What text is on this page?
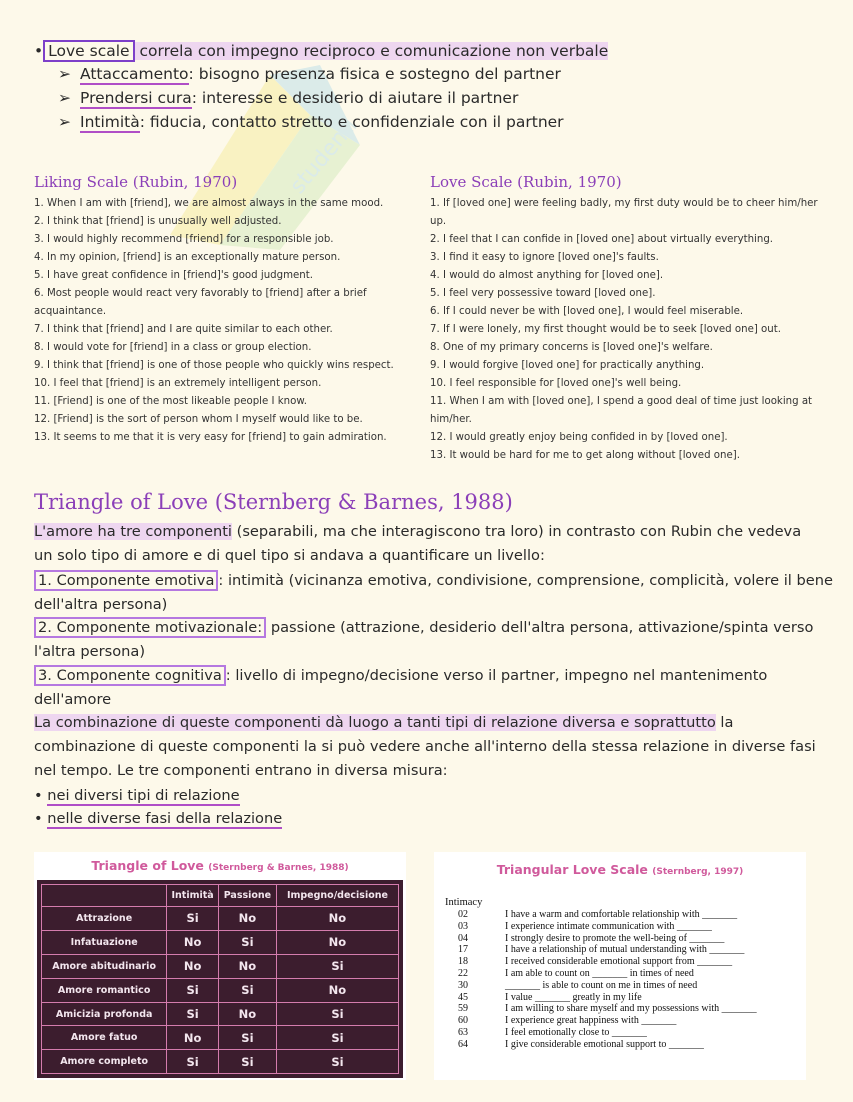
studenti
• Love scale correla con impegno reciproco e comunicazione non verbale
➢ Attaccamento: bisogno presenza fisica e sostegno del partner
➢ Prendersi cura: interesse e desiderio di aiutare il partner
➢ Intimità: fiducia, contatto stretto e confidenziale con il partner
Liking Scale (Rubin, 1970)
1. When I am with [friend], we are almost always in the same mood.
2. I think that [friend] is unusually well adjusted.
3. I would highly recommend [friend] for a responsible job.
4. In my opinion, [friend] is an exceptionally mature person.
5. I have great confidence in [friend]'s good judgment.
6. Most people would react very favorably to [friend] after a brief acquaintance.
7. I think that [friend] and I are quite similar to each other.
8. I would vote for [friend] in a class or group election.
9. I think that [friend] is one of those people who quickly wins respect.
10. I feel that [friend] is an extremely intelligent person.
11. [Friend] is one of the most likeable people I know.
12. [Friend] is the sort of person whom I myself would like to be.
13. It seems to me that it is very easy for [friend] to gain admiration.
Love Scale (Rubin, 1970)
1. If [loved one] were feeling badly, my first duty would be to cheer him/her up.
2. I feel that I can confide in [loved one] about virtually everything.
3. I find it easy to ignore [loved one]'s faults.
4. I would do almost anything for [loved one].
5. I feel very possessive toward [loved one].
6. If I could never be with [loved one], I would feel miserable.
7. If I were lonely, my first thought would be to seek [loved one] out.
8. One of my primary concerns is [loved one]'s welfare.
9. I would forgive [loved one] for practically anything.
10. I feel responsible for [loved one]'s well being.
11. When I am with [loved one], I spend a good deal of time just looking at him/her.
12. I would greatly enjoy being confided in by [loved one].
13. It would be hard for me to get along without [loved one].
Triangle of Love (Sternberg & Barnes, 1988)
L'amore ha tre componenti (separabili, ma che interagiscono tra loro) in contrasto con Rubin che vedeva
un solo tipo di amore e di quel tipo si andava a quantificare un livello:
1. Componente emotiva : intimità (vicinanza emotiva, condivisione, comprensione, complicità, volere il bene
dell'altra persona)
2. Componente motivazionale: passione (attrazione, desiderio dell'altra persona, attivazione/spinta verso
l'altra persona)
3. Componente cognitiva : livello di impegno/decisione verso il partner, impegno nel mantenimento
dell'amore
La combinazione di queste componenti dà luogo a tanti tipi di relazione diversa e soprattutto la
combinazione di queste componenti la si può vedere anche all'interno della stessa relazione in diverse fasi
nel tempo. Le tre componenti entrano in diversa misura:
• nei diversi tipi di relazione
• nelle diverse fasi della relazione
Triangle of Love (Sternberg & Barnes, 1988)
	Intimità	Passione	Impegno/decisione
Attrazione	Si	No	No
Infatuazione	No	Si	No
Amore abitudinario	No	No	Si
Amore romantico	Si	Si	No
Amicizia profonda	Si	No	Si
Amore fatuo	No	Si	Si
Amore completo	Si	Si	Si
Triangular Love Scale (Sternberg, 1997)
Intimacy
02	I have a warm and comfortable relationship with _______
03	I experience intimate communication with _______
04	I strongly desire to promote the well-being of _______
17	I have a relationship of mutual understanding with _______
18	I received considerable emotional support from _______
22	I am able to count on _______ in times of need
30	_______ is able to count on me in times of need
45	I value _______ greatly in my life
59	I am willing to share myself and my possessions with _______
60	I experience great happiness with _______
63	I feel emotionally close to _______
64	I give considerable emotional support to _______
